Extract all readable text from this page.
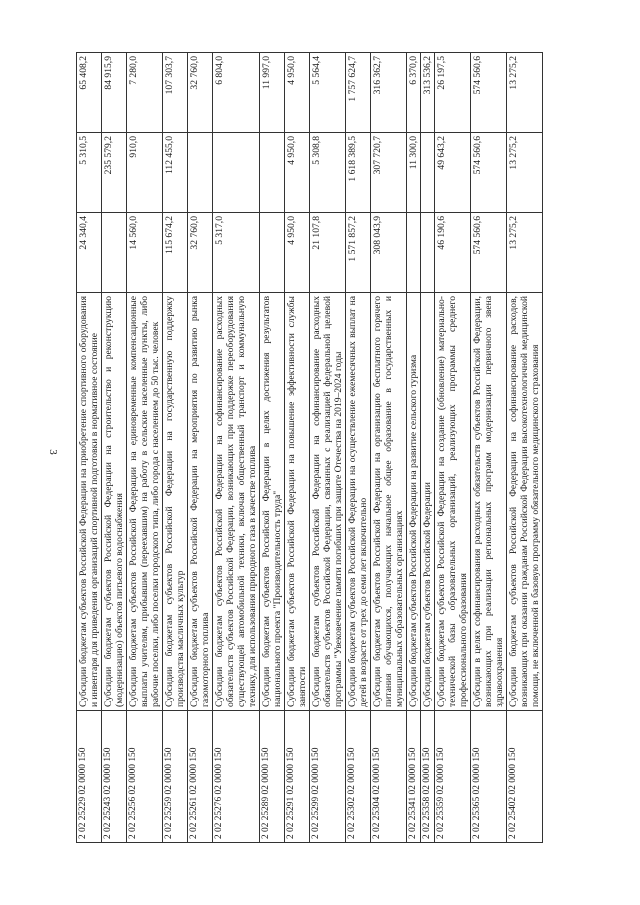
3
2 02 25229 02 0000 150	Субсидии бюджетам субъектов Российской Федерации на приобретение спортивного оборудования и инвентаря для приведения организаций спортивной подготовки в нормативное состояние	24 340,4	5 310,5	65 408,2
2 02 25243 02 0000 150	Субсидии бюджетам субъектов Российской Федерации на строительство и реконструкцию (модернизацию) объектов питьевого водоснабжения		235 579,2	84 915,9
2 02 25256 02 0000 150	Субсидии бюджетам субъектов Российской Федерации на единовременные компенсационные выплаты учителям, прибывшим (переехавшим) на работу в сельские населенные пункты, либо рабочие поселки, либо поселки городского типа, либо города с населением до 50 тыс. человек	14 560,0	910,0	7 280,0
2 02 25259 02 0000 150	Субсидии бюджетам субъектов Российской Федерации на государственную поддержку производства масличных культур	115 674,2	112 455,0	107 303,7
2 02 25261 02 0000 150	Субсидии бюджетам субъектов Российской Федерации на мероприятия по развитию рынка газомоторного топлива	32 760,0		32 760,0
2 02 25276 02 0000 150	Субсидии бюджетам субъектов Российской Федерации на софинансирование расходных обязательств субъектов Российской Федерации, возникающих при поддержке переоборудования существующей автомобильной техники, включая общественный транспорт и коммунальную технику, для использования природного газа в качестве топлива	5 317,0		6 804,0
2 02 25289 02 0000 150	Субсидии бюджетам субъектов Российской Федерации в целях достижения результатов национального проекта "Производительность труда"			11 997,0
2 02 25291 02 0000 150	Субсидии бюджетам субъектов Российской Федерации на повышение эффективности службы занятости	4 950,0	4 950,0	4 950,0
2 02 25299 02 0000 150	Субсидии бюджетам субъектов Российской Федерации на софинансирование расходных обязательств субъектов Российской Федерации, связанных с реализацией федеральной целевой программы "Увековечение памяти погибших при защите Отечества на 2019–2024 годы	21 107,8	5 308,8	5 564,4
2 02 25302 02 0000 150	Субсидии бюджетам субъектов Российской Федерации на осуществление ежемесячных выплат на детей в возрасте от трех до семи лет включительно	1 571 857,2	1 618 389,5	1 757 624,7
2 02 25304 02 0000 150	Субсидии бюджетам субъектов Российской Федерации на организацию бесплатного горячего питания обучающихся, получающих начальное общее образование в государственных и муниципальных образовательных организациях	308 043,9	307 720,7	316 362,7
2 02 25341 02 0000 150	Субсидии бюджетам субъектов Российской Федерации на развитие сельского туризма		11 300,0	6 370,0
2 02 25358 02 0000 150	Субсидии бюджетам субъектов Российской Федерации			313 536,2
2 02 25359 02 0000 150	Субсидии бюджетам субъектов Российской Федерации на создание (обновление) материально-технической базы образовательных организаций, реализующих программы среднего профессионального образования	46 190,6	49 643,2	26 197,5
2 02 25365 02 0000 150	Субсидии в целях софинансирования расходных обязательств субъектов Российской Федерации, возникающих при реализации региональных программ модернизации первичного звена здравоохранения	574 560,6	574 560,6	574 560,6
2 02 25402 02 0000 150	Субсидии бюджетам субъектов Российской Федерации на софинансирование расходов, возникающих при оказании гражданам Российской Федерации высокотехнологичной медицинской помощи, не включенной в базовую программу обязательного медицинского страхования	13 275,2	13 275,2	13 275,2
